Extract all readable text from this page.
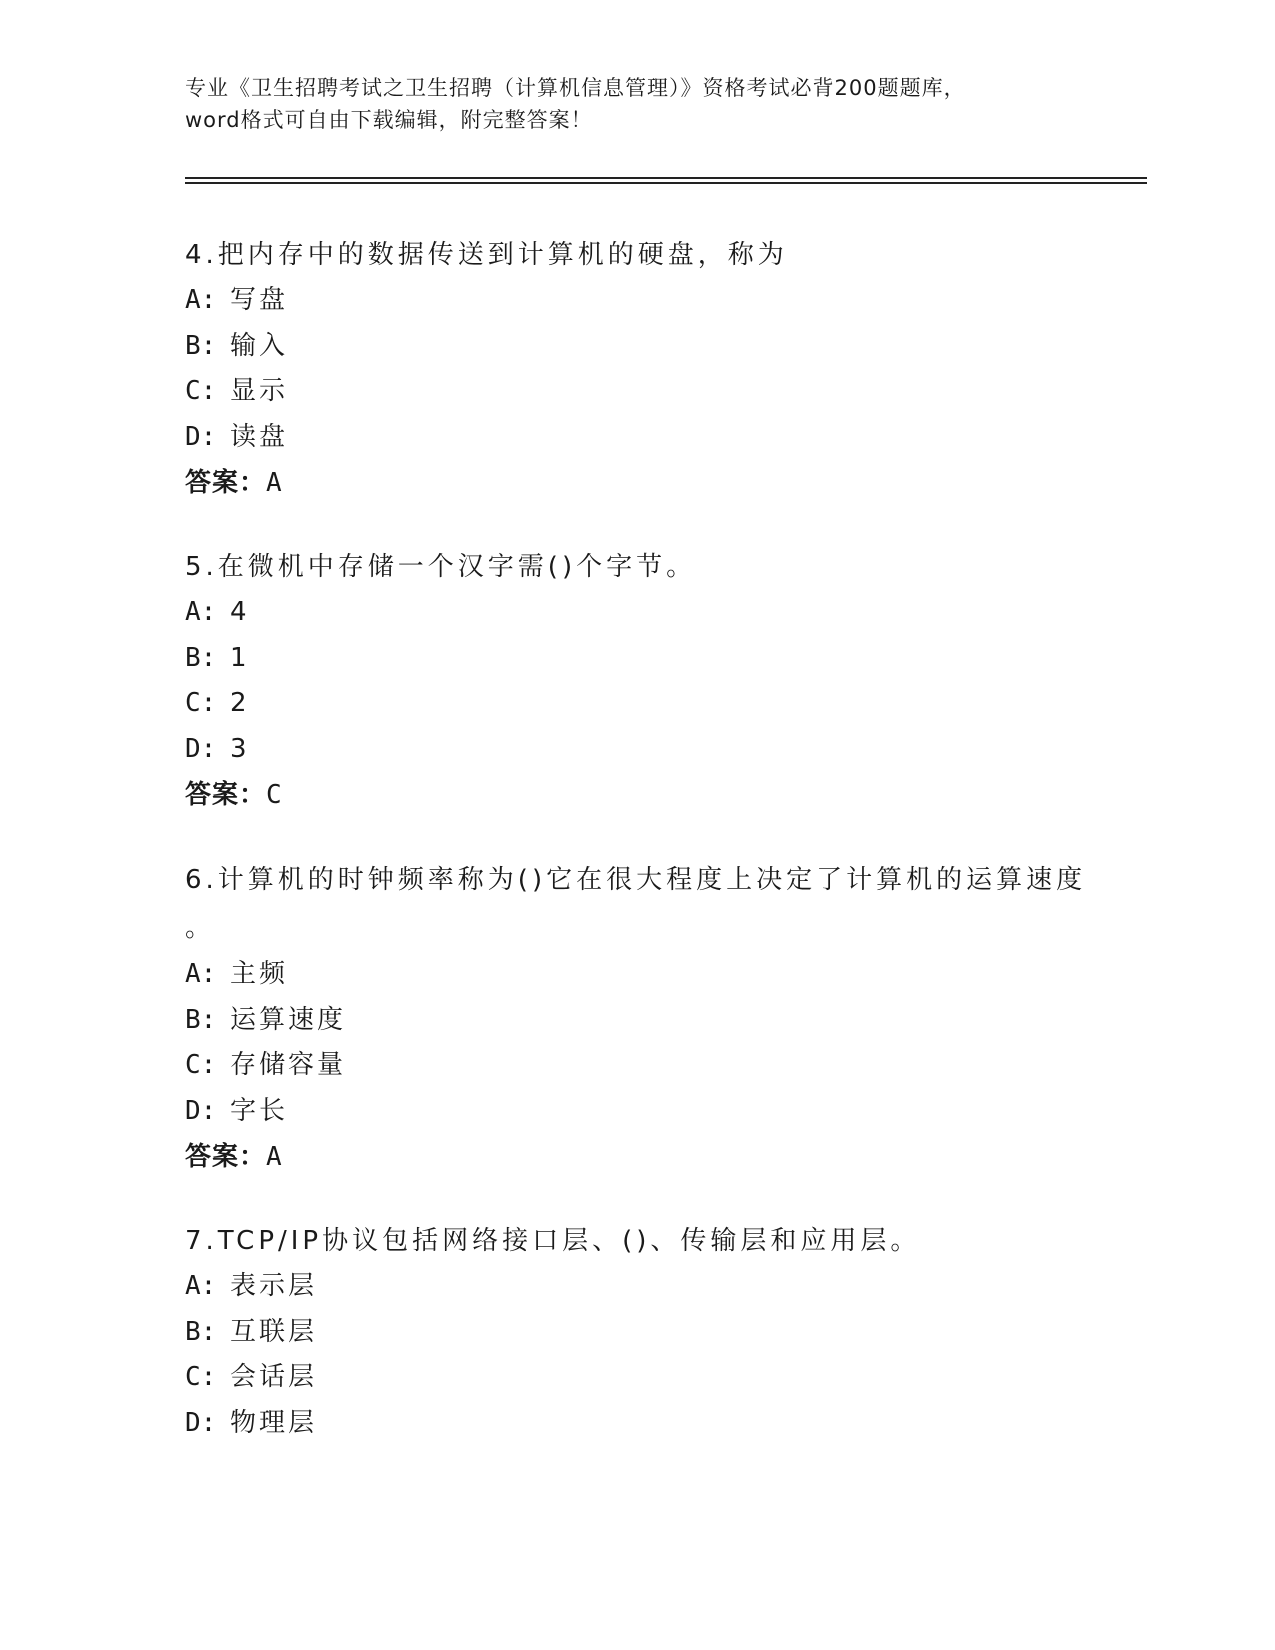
专业《卫生招聘考试之卫生招聘（计算机信息管理）》资格考试必背200题题库，
word格式可自由下载编辑，附完整答案！

4.把内存中的数据传送到计算机的硬盘，称为

A: 写盘
B: 输入
C: 显示
D: 读盘
答案：A

5.在微机中存储一个汉字需()个字节。

A: 4
B: 1
C: 2
D: 3
答案：C

6.计算机的时钟频率称为()它在很大程度上决定了计算机的运算速度

。

A: 主频
B: 运算速度
C: 存储容量
D: 字长
答案：A

7.TCP/IP协议包括网络接口层、()、传输层和应用层。

A: 表示层
B: 互联层
C: 会话层
D: 物理层
